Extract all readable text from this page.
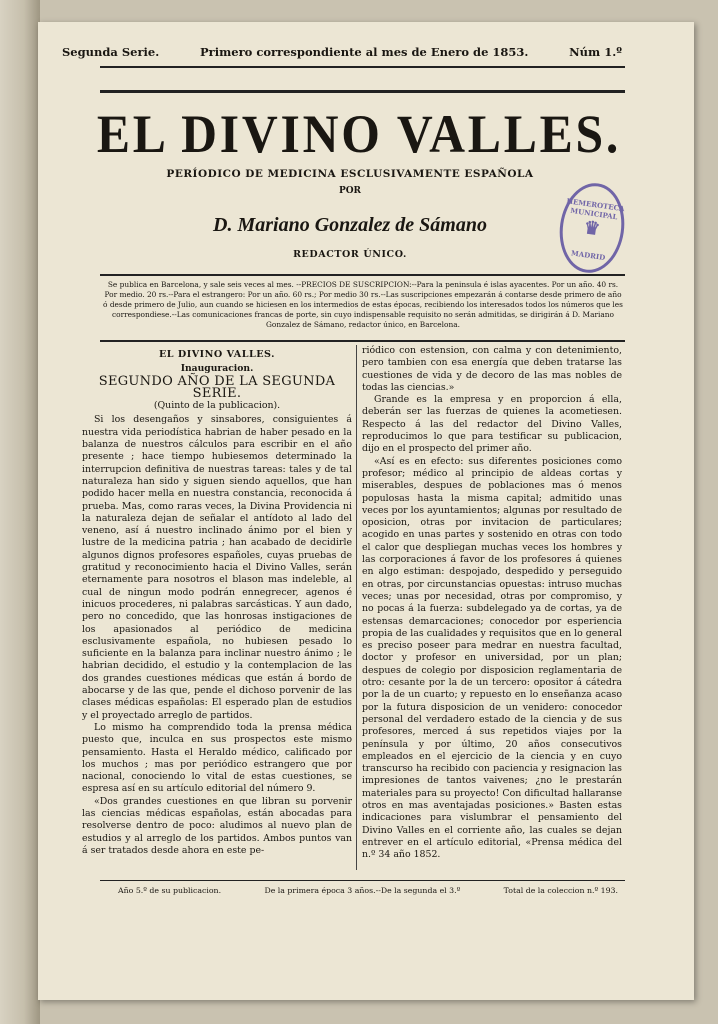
Segunda Serie.	Primero correspondiente al mes de Enero de 1853.	Núm 1.º
EL DIVINO VALLES.
PERÍODICO DE MEDICINA ESCLUSIVAMENTE ESPAÑOLA
POR
D. Mariano Gonzalez de Sámano
REDACTOR ÚNICO.
HEMEROTECA MUNICIPAL
♛
MADRID
Se publica en Barcelona, y sale seis veces al mes. --PRECIOS DE SUSCRIPCION:--Para la peninsula é islas ayacentes. Por un año. 40 rs. Por medio. 20 rs.--Para el estrangero: Por un año. 60 rs.; Por medio 30 rs.--Las suscripciones empezarán á contarse desde primero de año ó desde primero de Julio, aun cuando se hiciesen en los intermedios de estas épocas, recibiendo los interesados todos los números que les correspondiese.--Las comunicaciones francas de porte, sin cuyo indispensable requisito no serán admitidas, se dirigirán á D. Mariano Gonzalez de Sámano, redactor único, en Barcelona.
EL DIVINO VALLES.
Inauguracion.
SEGUNDO AÑO DE LA SEGUNDA SERIE.
(Quinto de la publicacion).

Si los desengaños y sinsabores, consiguientes á nuestra vida periodística habrian de haber pesado en la balanza de nuestros cálculos para escribir en el año presente ; hace tiempo hubiesemos determinado la interrupcion definitiva de nuestras tareas: tales y de tal naturaleza han sido y siguen siendo aquellos, que han podido hacer mella en nuestra constancia, reconocida á prueba. Mas, como raras veces, la Divina Providencia ni la naturaleza dejan de señalar el antídoto al lado del veneno, así á nuestro inclinado ánimo por el bien y lustre de la medicina patria ; han acabado de decidirle algunos dignos profesores españoles, cuyas pruebas de gratitud y reconocimiento hacia el Divino Valles, serán eternamente para nosotros el blason mas indeleble, al cual de ningun modo podrán ennegrecer, agenos é inicuos procederes, ni palabras sarcásticas. Y aun dado, pero no concedido, que las honrosas instigaciones de los apasionados al periódico de medicina esclusivamente española, no hubiesen pesado lo suficiente en la balanza para inclinar nuestro ánimo ; le habrian decidido, el estudio y la contemplacion de las dos grandes cuestiones médicas que están á bordo de abocarse y de las que, pende el dichoso porvenir de las clases médicas españolas: El esperado plan de estudios y el proyectado arreglo de partidos.

Lo mismo ha comprendido toda la prensa médica puesto que, inculca en sus prospectos este mismo pensamiento. Hasta el Heraldo médico, calificado por los muchos ; mas por periódico estrangero que por nacional, conociendo lo vital de estas cuestiones, se espresa así en su artículo editorial del número 9.

«Dos grandes cuestiones en que libran su porvenir las ciencias médicas españolas, están abocadas para resolverse dentro de poco: aludimos al nuevo plan de estudios y al arreglo de los partidos. Ambos puntos van á ser tratados desde ahora en este pe-

riódico con estension, con calma y con detenimiento, pero tambien con esa energía que deben tratarse las cuestiones de vida y de decoro de las mas nobles de todas las ciencias.»

Grande es la empresa y en proporcion á ella, deberán ser las fuerzas de quienes la acometiesen. Respecto á las del redactor del Divino Valles, reproducimos lo que para testificar su publicacion, dijo en el prospecto del primer año.

«Así es en efecto: sus diferentes posiciones como profesor; médico al principio de aldeas cortas y miserables, despues de poblaciones mas ó menos populosas hasta la misma capital; admitido unas veces por los ayuntamientos; algunas por resultado de oposicion, otras por invitacion de particulares; acogido en unas partes y sostenido en otras con todo el calor que despliegan muchas veces los hombres y las corporaciones á favor de los profesores á quienes en algo estiman: despojado, despedido y perseguido en otras, por circunstancias opuestas: intruso muchas veces; unas por necesidad, otras por compromiso, y no pocas á la fuerza: subdelegado ya de cortas, ya de estensas demarcaciones; conocedor por esperiencia propia de las cualidades y requisitos que en lo general es preciso poseer para medrar en nuestra facultad, doctor y profesor en universidad, por un plan; despues de colegio por disposicion reglamentaria de otro: cesante por la de un tercero: opositor á cátedra por la de un cuarto; y repuesto en lo enseñanza acaso por la futura disposicion de un venidero: conocedor personal del verdadero estado de la ciencia y de sus profesores, merced á sus repetidos viajes por la península y por último, 20 años consecutivos empleados en el ejercicio de la ciencia y en cuyo transcurso ha recibido con paciencia y resignacion las impresiones de tantos vaivenes; ¿no le prestarán materiales para su proyecto! Con dificultad hallaranse otros en mas aventajadas posiciones.» Basten estas indicaciones para vislumbrar el pensamiento del Divino Valles en el corriente año, las cuales se dejan entrever en el artículo editorial, «Prensa médica del n.º 34 año 1852.

Año 5.º de su publicacion.	De la primera época 3 años.--De la segunda el 3.º	Total de la coleccion n.º 193.
